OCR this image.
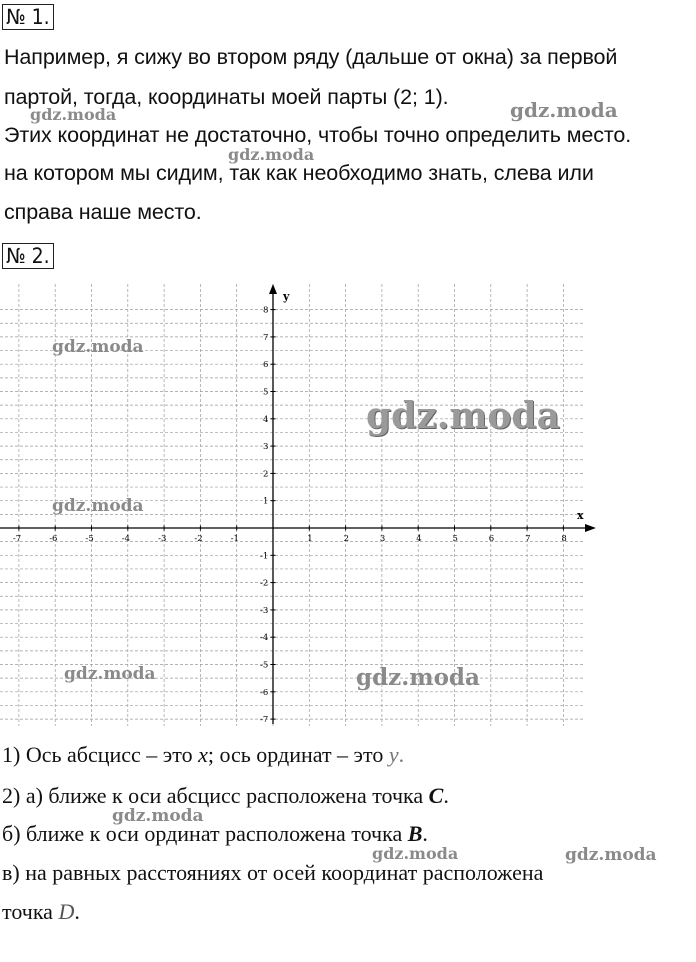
№ 1.
Например, я сижу во втором ряду (дальше от окна) за первой
партой, тогда, координаты моей парты (2; 1).
Этих координат не достаточно, чтобы точно определить место.
на котором мы сидим, так как необходимо знать, слева или
справа наше место.
№ 2.
y
x
-7	-6	-5	-4	-3	-2	-1	1	2	3	4	5	6	7	8
8
7
6
5
4
3
2
1
-1
-2
-3
-4
-5
-6
-7
1) Ось абсцисс – это x; ось ординат – это y.
2) а) ближе к оси абсцисс расположена точка C.
б) ближе к оси ординат расположена точка B.
в) на равных расстояниях от осей координат расположена
точка D.
gdz.moda	gdz.moda
gdz.moda
gdz.moda
gdz.moda
gdz.moda
gdz.moda	gdz.moda
gdz.moda
gdz.moda	gdz.moda
